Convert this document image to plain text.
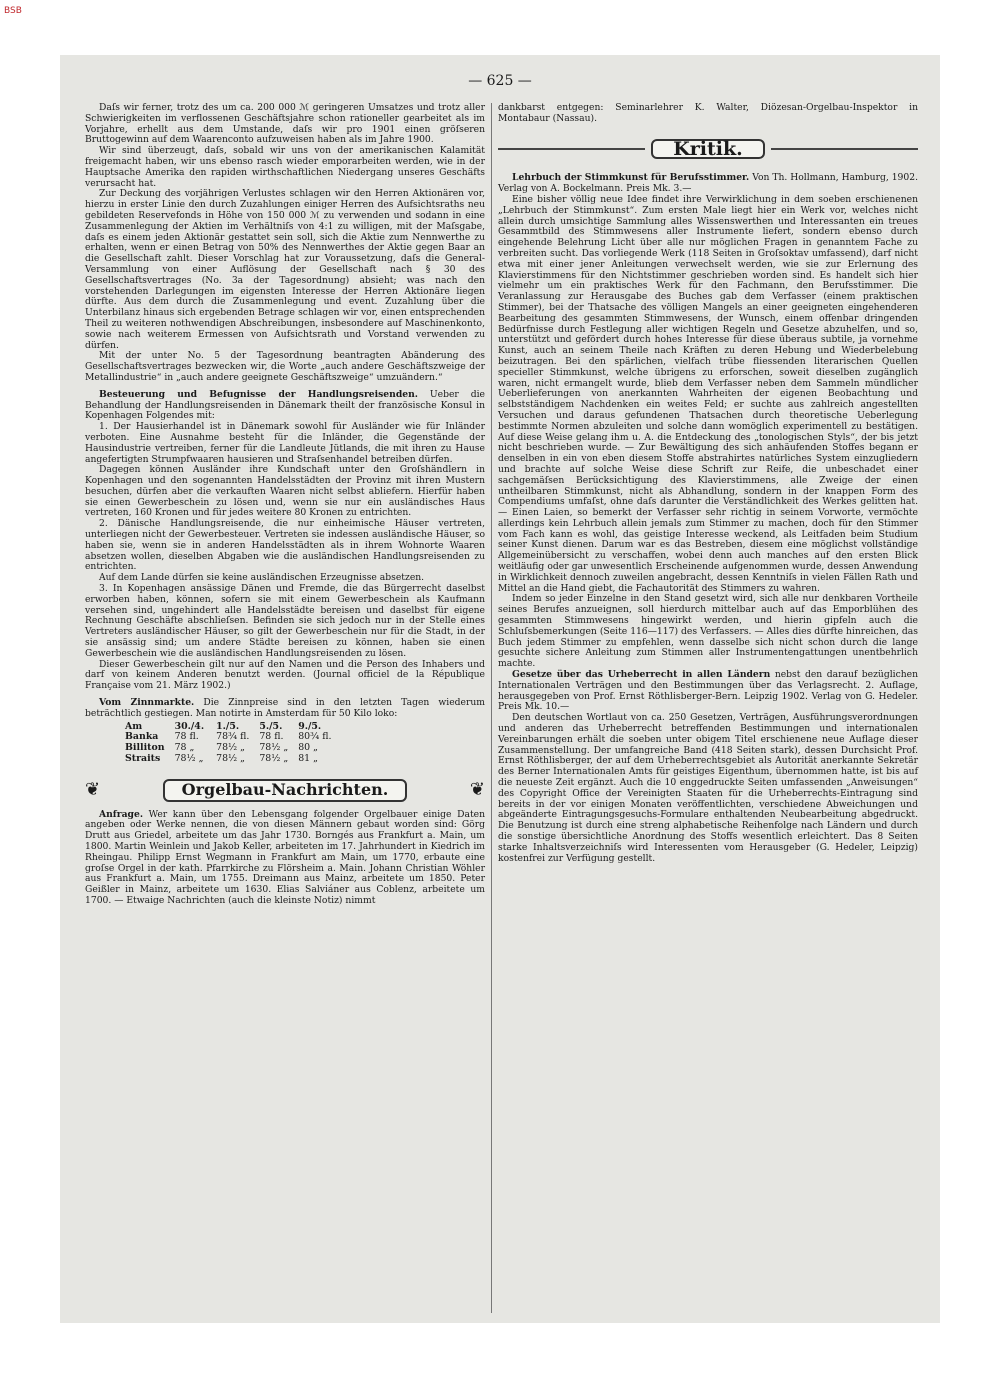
BSB
— 625 —

Daſs wir ferner, trotz des um ca. 200 000 ℳ geringeren Umsatzes und trotz aller Schwierigkeiten im verflossenen Geschäftsjahre schon rationeller gearbeitet als im Vorjahre, erhellt aus dem Umstande, daſs wir pro 1901 einen gröſseren Bruttogewinn auf dem Waarenconto aufzuweisen haben als im Jahre 1900.

Wir sind überzeugt, daſs, sobald wir uns von der amerikanischen Kalamität freigemacht haben, wir uns ebenso rasch wieder emporarbeiten werden, wie in der Hauptsache Amerika den rapiden wirthschaftlichen Niedergang unseres Geschäfts verursacht hat.

Zur Deckung des vorjährigen Verlustes schlagen wir den Herren Aktionären vor, hierzu in erster Linie den durch Zuzahlungen einiger Herren des Aufsichtsraths neu gebildeten Reservefonds in Höhe von 150 000 ℳ zu verwenden und sodann in eine Zusammenlegung der Aktien im Verhältniſs von 4:1 zu willigen, mit der Maſsgabe, daſs es einem jeden Aktionär gestattet sein soll, sich die Aktie zum Nennwerthe zu erhalten, wenn er einen Betrag von 50% des Nennwerthes der Aktie gegen Baar an die Gesellschaft zahlt. Dieser Vorschlag hat zur Voraussetzung, daſs die General-Versammlung von einer Auflösung der Gesellschaft nach § 30 des Gesellschaftsvertrages (No. 3a der Tagesordnung) absieht; was nach den vorstehenden Darlegungen im eigensten Interesse der Herren Aktionäre liegen dürfte. Aus dem durch die Zusammenlegung und event. Zuzahlung über die Unterbilanz hinaus sich ergebenden Betrage schlagen wir vor, einen entsprechenden Theil zu weiteren nothwendigen Abschreibungen, insbesondere auf Maschinenkonto, sowie nach weiterem Ermessen von Aufsichtsrath und Vorstand verwenden zu dürfen.

Mit der unter No. 5 der Tagesordnung beantragten Abänderung des Gesellschaftsvertrages bezwecken wir, die Worte „auch andere Geschäftszweige der Metallindustrie“ in „auch andere geeignete Geschäftszweige“ umzuändern.“

Besteuerung und Befugnisse der Handlungsreisenden. Ueber die Behandlung der Handlungsreisenden in Dänemark theilt der französische Konsul in Kopenhagen Folgendes mit:

1. Der Hausierhandel ist in Dänemark sowohl für Ausländer wie für Inländer verboten. Eine Ausnahme besteht für die Inländer, die Gegenstände der Hausindustrie vertreiben, ferner für die Landleute Jütlands, die mit ihren zu Hause angefertigten Strumpfwaaren hausieren und Straſsenhandel betreiben dürfen.

Dagegen können Ausländer ihre Kundschaft unter den Groſshändlern in Kopenhagen und den sogenannten Handelsstädten der Provinz mit ihren Mustern besuchen, dürfen aber die verkauften Waaren nicht selbst abliefern. Hierfür haben sie einen Gewerbeschein zu lösen und, wenn sie nur ein ausländisches Haus vertreten, 160 Kronen und für jedes weitere 80 Kronen zu entrichten.

2. Dänische Handlungsreisende, die nur einheimische Häuser vertreten, unterliegen nicht der Gewerbesteuer. Vertreten sie indessen ausländische Häuser, so haben sie, wenn sie in anderen Handelsstädten als in ihrem Wohnorte Waaren absetzen wollen, dieselben Abgaben wie die ausländischen Handlungsreisenden zu entrichten.

Auf dem Lande dürfen sie keine ausländischen Erzeugnisse absetzen.

3. In Kopenhagen ansässige Dänen und Fremde, die das Bürgerrecht daselbst erworben haben, können, sofern sie mit einem Gewerbeschein als Kaufmann versehen sind, ungehindert alle Handelsstädte bereisen und daselbst für eigene Rechnung Geschäfte abschlieſsen. Befinden sie sich jedoch nur in der Stelle eines Vertreters ausländischer Häuser, so gilt der Gewerbeschein nur für die Stadt, in der sie ansässig sind; um andere Städte bereisen zu können, haben sie einen Gewerbeschein wie die ausländischen Handlungsreisenden zu lösen.

Dieser Gewerbeschein gilt nur auf den Namen und die Person des Inhabers und darf von keinem Anderen benutzt werden. (Journal officiel de la République Française vom 21. März 1902.)

Vom Zinnmarkte. Die Zinnpreise sind in den letzten Tagen wiederum beträchtlich gestiegen. Man notirte in Amsterdam für 50 Kilo loko:

Am	30./4.	1./5.	5./5.	9./5.
Banka	78 fl.	78¾ fl.	78 fl.	80¾ fl.
Billiton	78 „	78½ „	78½ „	80 „
Straits	78½ „	78½ „	78½ „	81 „
❦	Orgelbau-Nachrichten.	❦

Anfrage. Wer kann über den Lebensgang folgender Orgelbauer einige Daten angeben oder Werke nennen, die von diesen Männern gebaut worden sind: Görg Drutt aus Griedel, arbeitete um das Jahr 1730. Borngés aus Frankfurt a. Main, um 1800. Martin Weinlein und Jakob Keller, arbeiteten im 17. Jahrhundert in Kiedrich im Rheingau. Philipp Ernst Wegmann in Frankfurt am Main, um 1770, erbaute eine groſse Orgel in der kath. Pfarrkirche zu Flörsheim a. Main. Johann Christian Wöhler aus Frankfurt a. Main, um 1755. Dreimann aus Mainz, arbeitete um 1850. Peter Geißler in Mainz, arbeitete um 1630. Elias Salviáner aus Coblenz, arbeitete um 1700. — Etwaige Nachrichten (auch die kleinste Notiz) nimmt

dankbarst entgegen: Seminarlehrer K. Walter, Diözesan-Orgelbau-Inspektor in Montabaur (Nassau).

Kritik.

Lehrbuch der Stimmkunst für Berufsstimmer. Von Th. Hollmann, Hamburg, 1902. Verlag von A. Bockelmann. Preis Mk. 3.—

Eine bisher völlig neue Idee findet ihre Verwirklichung in dem soeben erschienenen „Lehrbuch der Stimmkunst“. Zum ersten Male liegt hier ein Werk vor, welches nicht allein durch umsichtige Sammlung alles Wissenswerthen und Interessanten ein treues Gesammtbild des Stimmwesens aller Instrumente liefert, sondern ebenso durch eingehende Belehrung Licht über alle nur möglichen Fragen in genanntem Fache zu verbreiten sucht. Das vorliegende Werk (118 Seiten in Groſsoktav umfassend), darf nicht etwa mit einer jener Anleitungen verwechselt werden, wie sie zur Erlernung des Klavierstimmens für den Nichtstimmer geschrieben worden sind. Es handelt sich hier vielmehr um ein praktisches Werk für den Fachmann, den Berufsstimmer. Die Veranlassung zur Herausgabe des Buches gab dem Verfasser (einem praktischen Stimmer), bei der Thatsache des völligen Mangels an einer geeigneten eingehenderen Bearbeitung des gesammten Stimmwesens, der Wunsch, einem offenbar dringenden Bedürfnisse durch Festlegung aller wichtigen Regeln und Gesetze abzuhelfen, und so, unterstützt und gefördert durch hohes Interesse für diese überaus subtile, ja vornehme Kunst, auch an seinem Theile nach Kräften zu deren Hebung und Wiederbelebung beizutragen. Bei den spärlichen, vielfach trübe fliessenden literarischen Quellen specieller Stimmkunst, welche übrigens zu erforschen, soweit dieselben zugänglich waren, nicht ermangelt wurde, blieb dem Verfasser neben dem Sammeln mündlicher Ueberlieferungen von anerkannten Wahrheiten der eigenen Beobachtung und selbstständigem Nachdenken ein weites Feld; er suchte aus zahlreich angestellten Versuchen und daraus gefundenen Thatsachen durch theoretische Ueberlegung bestimmte Normen abzuleiten und solche dann womöglich experimentell zu bestätigen. Auf diese Weise gelang ihm u. A. die Entdeckung des „tonologischen Styls“, der bis jetzt nicht beschrieben wurde. — Zur Bewältigung des sich anhäufenden Stoffes begann er denselben in ein von eben diesem Stoffe abstrahirtes natürliches System einzugliedern und brachte auf solche Weise diese Schrift zur Reife, die unbeschadet einer sachgemäſsen Berücksichtigung des Klavierstimmens, alle Zweige der einen untheilbaren Stimmkunst, nicht als Abhandlung, sondern in der knappen Form des Compendiums umfaſst, ohne daſs darunter die Verständlichkeit des Werkes gelitten hat. — Einen Laien, so bemerkt der Verfasser sehr richtig in seinem Vorworte, vermöchte allerdings kein Lehrbuch allein jemals zum Stimmer zu machen, doch für den Stimmer vom Fach kann es wohl, das geistige Interesse weckend, als Leitfaden beim Studium seiner Kunst dienen. Darum war es das Bestreben, diesem eine möglichst vollständige Allgemeinübersicht zu verschaffen, wobei denn auch manches auf den ersten Blick weitläufig oder gar unwesentlich Erscheinende aufgenommen wurde, dessen Anwendung in Wirklichkeit dennoch zuweilen angebracht, dessen Kenntniſs in vielen Fällen Rath und Mittel an die Hand giebt, die Fachautorität des Stimmers zu wahren.

Indem so jeder Einzelne in den Stand gesetzt wird, sich alle nur denkbaren Vortheile seines Berufes anzueignen, soll hierdurch mittelbar auch auf das Emporblühen des gesammten Stimmwesens hingewirkt werden, und hierin gipfeln auch die Schluſsbemerkungen (Seite 116—117) des Verfassers. — Alles dies dürfte hinreichen, das Buch jedem Stimmer zu empfehlen, wenn dasselbe sich nicht schon durch die lange gesuchte sichere Anleitung zum Stimmen aller Instrumentengattungen unentbehrlich machte.

Gesetze über das Urheberrecht in allen Ländern nebst den darauf bezüglichen Internationalen Verträgen und den Bestimmungen über das Verlagsrecht. 2. Auflage, herausgegeben von Prof. Ernst Röthlisberger-Bern. Leipzig 1902. Verlag von G. Hedeler. Preis Mk. 10.—

Den deutschen Wortlaut von ca. 250 Gesetzen, Verträgen, Ausführungsverordnungen und anderen das Urheberrecht betreffenden Bestimmungen und internationalen Vereinbarungen erhält die soeben unter obigem Titel erschienene neue Auflage dieser Zusammenstellung. Der umfangreiche Band (418 Seiten stark), dessen Durchsicht Prof. Ernst Röthlisberger, der auf dem Urheberrechtsgebiet als Autorität anerkannte Sekretär des Berner Internationalen Amts für geistiges Eigenthum, übernommen hatte, ist bis auf die neueste Zeit ergänzt. Auch die 10 enggedruckte Seiten umfassenden „Anweisungen“ des Copyright Office der Vereinigten Staaten für die Urheberrechts-Eintragung sind bereits in der vor einigen Monaten veröffentlichten, verschiedene Abweichungen und abgeänderte Eintragungsgesuchs-Formulare enthaltenden Neubearbeitung abgedruckt. Die Benutzung ist durch eine streng alphabetische Reihenfolge nach Ländern und durch die sonstige übersichtliche Anordnung des Stoffs wesentlich erleichtert. Das 8 Seiten starke Inhaltsverzeichniſs wird Interessenten vom Herausgeber (G. Hedeler, Leipzig) kostenfrei zur Verfügung gestellt.
